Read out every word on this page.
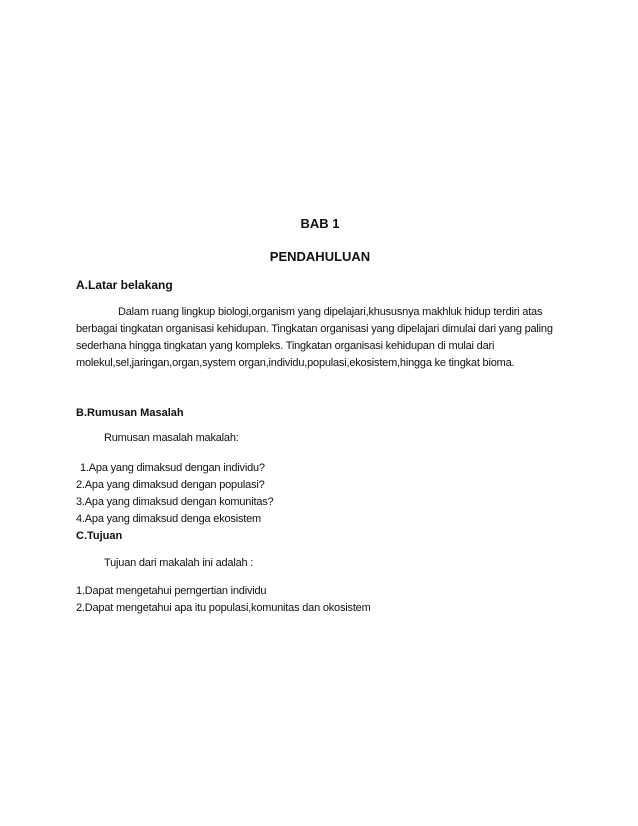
BAB 1
PENDAHULUAN
A.Latar belakang
Dalam ruang lingkup biologi,organism yang dipelajari,khususnya makhluk hidup terdiri atas
berbagai tingkatan organisasi kehidupan. Tingkatan organisasi yang dipelajari dimulai dari yang paling
sederhana hingga tingkatan yang kompleks. Tingkatan organisasi kehidupan di mulai dari
molekul,sel,jaringan,organ,system organ,individu,populasi,ekosistem,hingga ke tingkat bioma.
B.Rumusan Masalah
Rumusan masalah makalah:
1.Apa yang dimaksud dengan individu?
2.Apa yang dimaksud dengan populasi?
3.Apa yang dimaksud dengan komunitas?
4.Apa yang dimaksud denga ekosistem
C.Tujuan
Tujuan dari makalah ini adalah :
1.Dapat mengetahui perngertian individu
2.Dapat mengetahui apa itu populasi,komunitas dan okosistem
